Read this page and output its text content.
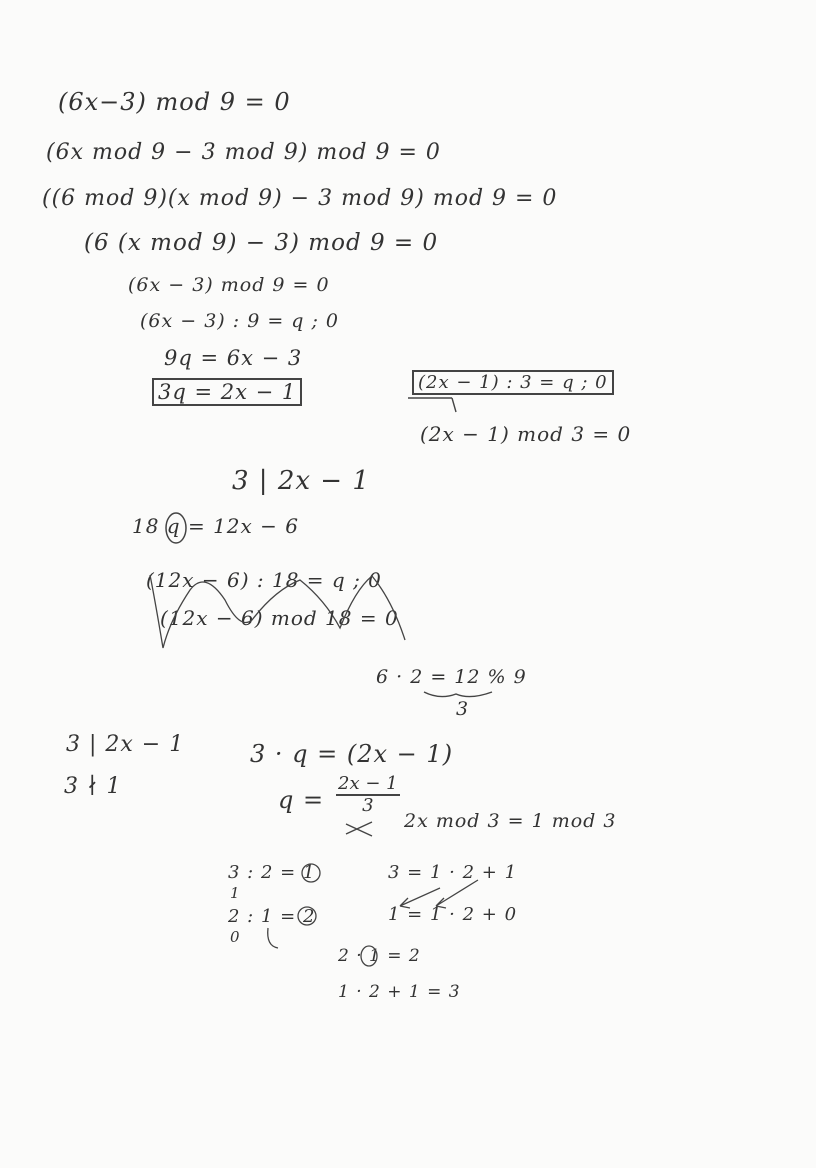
(6x−3) mod 9 = 0
(6x mod 9 − 3 mod 9) mod 9 = 0
((6 mod 9)(x mod 9) − 3 mod 9) mod 9 = 0
(6 (x mod 9) − 3) mod 9 = 0
(6x − 3) mod 9 = 0
(6x − 3) : 9 = q ; 0
9q = 6x − 3
3q = 2x − 1	(2x − 1) : 3 = q ; 0
(2x − 1) mod 3 = 0
3 | 2x − 1
18 q = 12x − 6
(12x − 6) : 18 = q ; 0
(12x − 6) mod 18 = 0
6 · 2 = 12 % 9
3
3 | 2x − 1
3 ∤ 1
3 · q = (2x − 1)
$q = \frac{2x - 1}{3}$
2x mod 3 = 1 mod 3
3 : 2 = 1
1
2 : 1 = 2
0
3 = 1 · 2 + 1
1 = 1 · 2 + 0
2 · 1 = 2
1 · 2 + 1 = 3
